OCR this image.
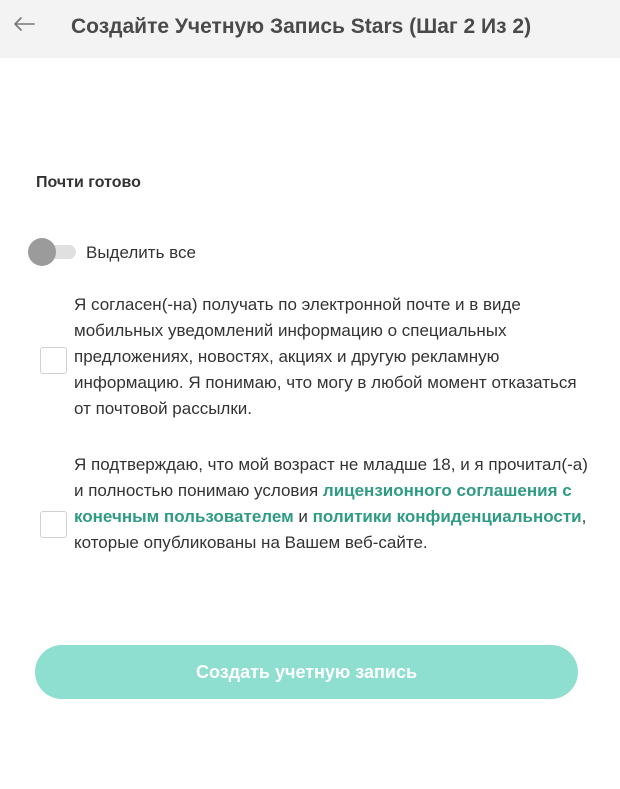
Создайте Учетную Запись Stars (Шаг 2 Из 2)
Почти готово
Выделить все
Я согласен(-на) получать по электронной почте и в виде мобильных уведомлений информацию о специальных предложениях, новостях, акциях и другую рекламную информацию. Я понимаю, что могу в любой момент отказаться от почтовой рассылки.
Я подтверждаю, что мой возраст не младше 18, и я прочитал(-а) и полностью понимаю условия лицензионного соглашения с конечным пользователем и политики конфиденциальности, которые опубликованы на Вашем веб-сайте.
Создать учетную запись
